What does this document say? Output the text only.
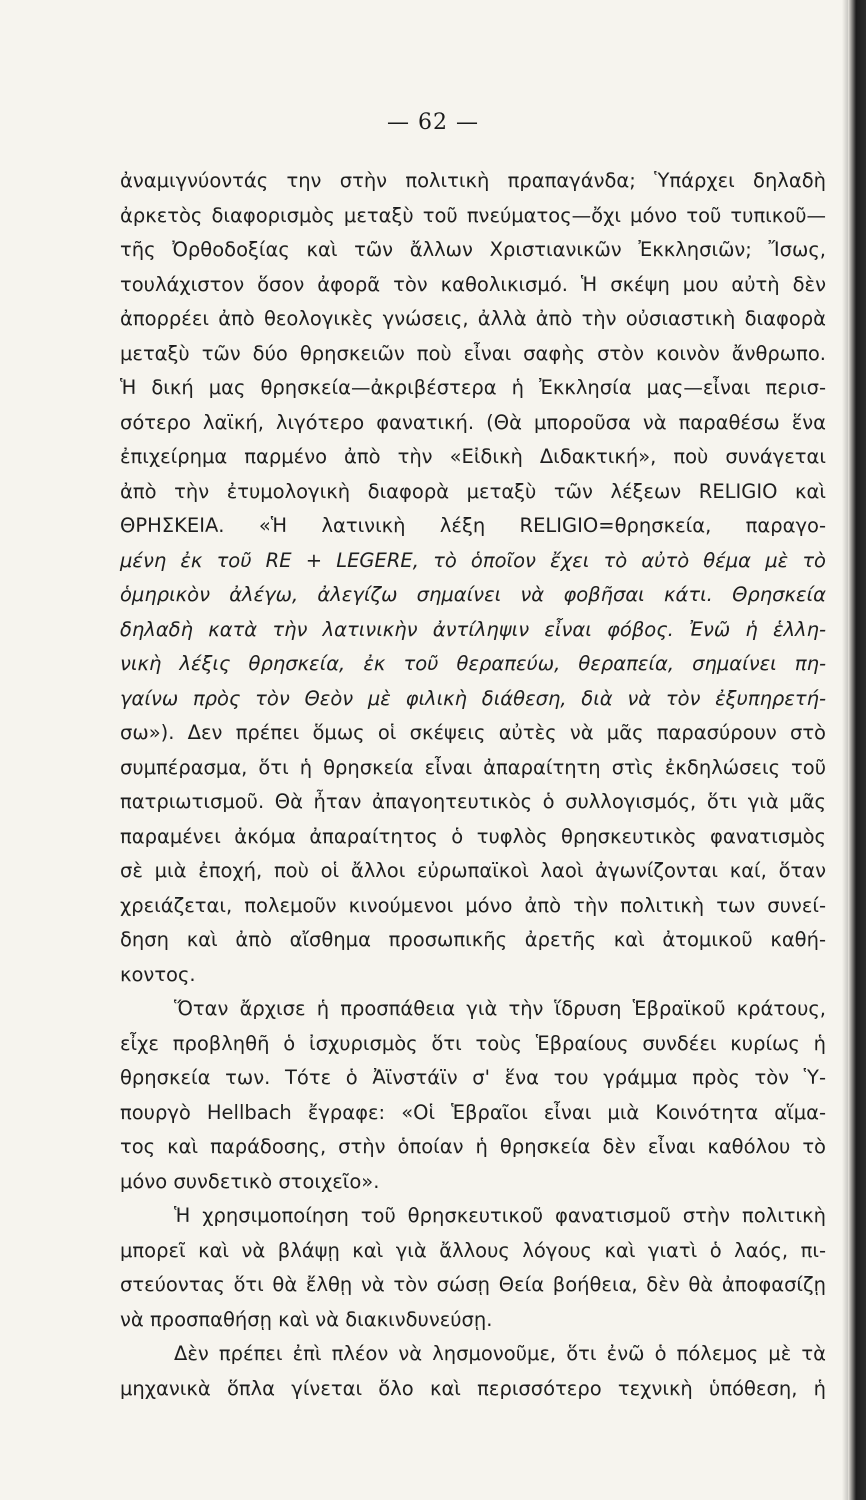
— 62 —
ἀναμιγνύοντάς την στὴν πολιτικὴ πραπαγάνδα; Ὑπάρχει δηλαδὴ
ἀρκετὸς διαφορισμὸς μεταξὺ τοῦ πνεύματος—ὄχι μόνο τοῦ τυπικοῦ—
τῆς Ὀρθοδοξίας καὶ τῶν ἄλλων Χριστιανικῶν Ἐκκλησιῶν; Ἴσως,
τουλάχιστον ὅσον ἀφορᾶ τὸν καθολικισμό. Ἡ σκέψη μου αὐτὴ δὲν
ἀπορρέει ἀπὸ θεολογικὲς γνώσεις, ἀλλὰ ἀπὸ τὴν οὐσιαστικὴ διαφορὰ
μεταξὺ τῶν δύο θρησκειῶν ποὺ εἶναι σαφὴς στὸν κοινὸν ἄνθρωπο.
Ἡ δική μας θρησκεία—ἀκριβέστερα ἡ Ἐκκλησία μας—εἶναι περισ-
σότερο λαϊκή, λιγότερο φανατική. (Θὰ μποροῦσα νὰ παραθέσω ἕνα
ἐπιχείρημα παρμένο ἀπὸ τὴν «Εἰδικὴ Διδακτική», ποὺ συνάγεται
ἀπὸ τὴν ἐτυμολογικὴ διαφορὰ μεταξὺ τῶν λέξεων RELIGIO καὶ
ΘΡΗΣΚΕΙΑ. «Ἡ λατινικὴ λέξη RELIGIO=θρησκεία, παραγο-
μένη ἐκ τοῦ RE + LEGERE, τὸ ὁποῖον ἔχει τὸ αὐτὸ θέμα μὲ τὸ
ὁμηρικὸν ἀλέγω, ἀλεγίζω σημαίνει νὰ φοβῆσαι κάτι. Θρησκεία
δηλαδὴ κατὰ τὴν λατινικὴν ἀντίληψιν εἶναι φόβος. Ἐνῶ ἡ ἑλλη-
νικὴ λέξις θρησκεία, ἐκ τοῦ θεραπεύω, θεραπεία, σημαίνει πη-
γαίνω πρὸς τὸν Θεὸν μὲ φιλικὴ διάθεση, διὰ νὰ τὸν ἐξυπηρετή-
σω»). Δεν πρέπει ὅμως οἱ σκέψεις αὐτὲς νὰ μᾶς παρασύρουν στὸ
συμπέρασμα, ὅτι ἡ θρησκεία εἶναι ἀπαραίτητη στὶς ἐκδηλώσεις τοῦ
πατριωτισμοῦ. Θὰ ἦταν ἀπαγοητευτικὸς ὁ συλλογισμός, ὅτι γιὰ μᾶς
παραμένει ἀκόμα ἀπαραίτητος ὁ τυφλὸς θρησκευτικὸς φανατισμὸς
σὲ μιὰ ἐποχή, ποὺ οἱ ἄλλοι εὐρωπαϊκοὶ λαοὶ ἀγωνίζονται καί, ὅταν
χρειάζεται, πολεμοῦν κινούμενοι μόνο ἀπὸ τὴν πολιτικὴ των συνεί-
δηση καὶ ἀπὸ αἴσθημα προσωπικῆς ἀρετῆς καὶ ἀτομικοῦ καθή-
κοντος.
Ὅταν ἄρχισε ἡ προσπάθεια γιὰ τὴν ἵδρυση Ἑβραϊκοῦ κράτους,
εἶχε προβληθῆ ὁ ἰσχυρισμὸς ὅτι τοὺς Ἑβραίους συνδέει κυρίως ἡ
θρησκεία των. Τότε ὁ Ἀϊνστάϊν σ' ἕνα του γράμμα πρὸς τὸν Ὑ-
πουργὸ Hellbach ἔγραφε: «Οἱ Ἑβραῖοι εἶναι μιὰ Κοινότητα αἵμα-
τος καὶ παράδοσης, στὴν ὁποίαν ἡ θρησκεία δὲν εἶναι καθόλου τὸ
μόνο συνδετικὸ στοιχεῖο».
Ἡ χρησιμοποίηση τοῦ θρησκευτικοῦ φανατισμοῦ στὴν πολιτικὴ
μπορεῖ καὶ νὰ βλάψῃ καὶ γιὰ ἄλλους λόγους καὶ γιατὶ ὁ λαός, πι-
στεύοντας ὅτι θὰ ἔλθῃ νὰ τὸν σώσῃ Θεία βοήθεια, δὲν θὰ ἀποφασίζῃ
νὰ προσπαθήσῃ καὶ νὰ διακινδυνεύσῃ.
Δὲν πρέπει ἐπὶ πλέον νὰ λησμονοῦμε, ὅτι ἐνῶ ὁ πόλεμος μὲ τὰ
μηχανικὰ ὅπλα γίνεται ὅλο καὶ περισσότερο τεχνικὴ ὑπόθεση, ἡ
